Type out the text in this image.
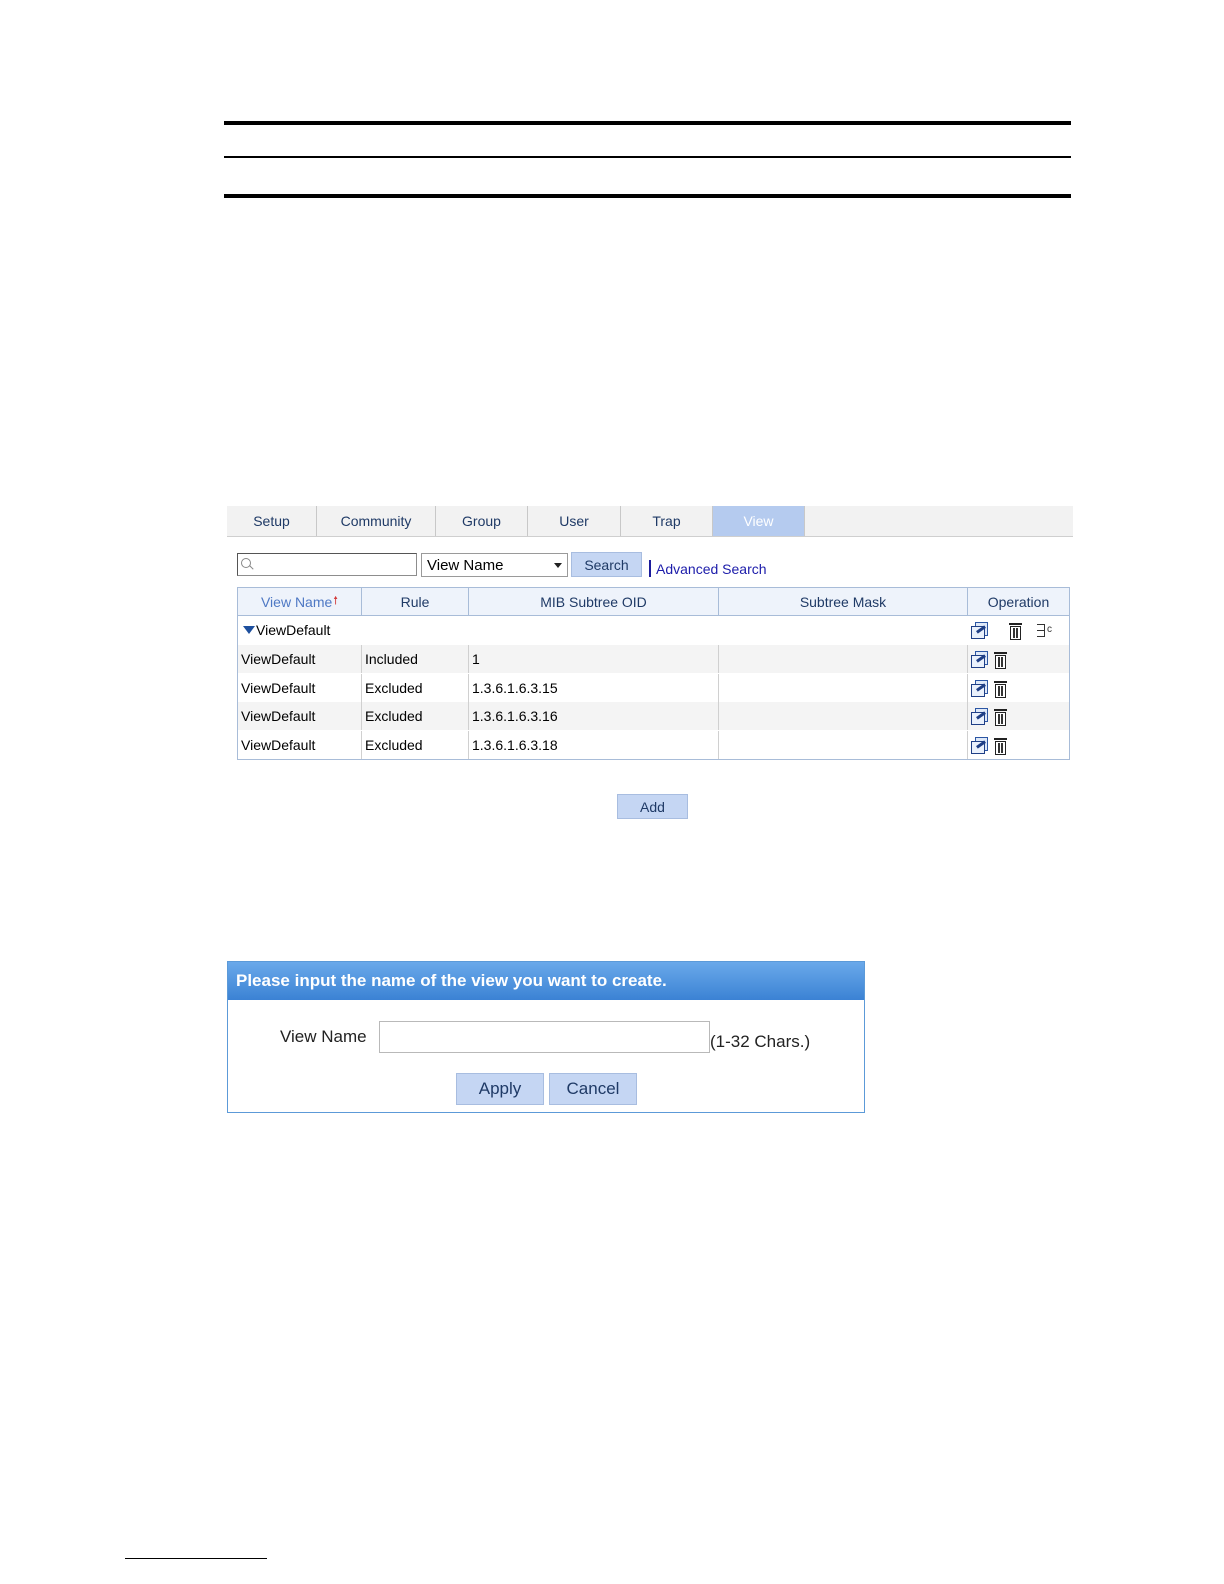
Setup	Community	Group	User	Trap	View
View Name	Search	Advanced Search
View Name 🠕	Rule	MIB Subtree OID	Subtree Mask	Operation
ViewDefault	c
ViewDefault	Included	1
ViewDefault	Excluded	1.3.6.1.6.3.15
ViewDefault	Excluded	1.3.6.1.6.3.16
ViewDefault	Excluded	1.3.6.1.6.3.18
Add
Please input the name of the view you want to create.
View Name	(1-32 Chars.)
Apply	Cancel
